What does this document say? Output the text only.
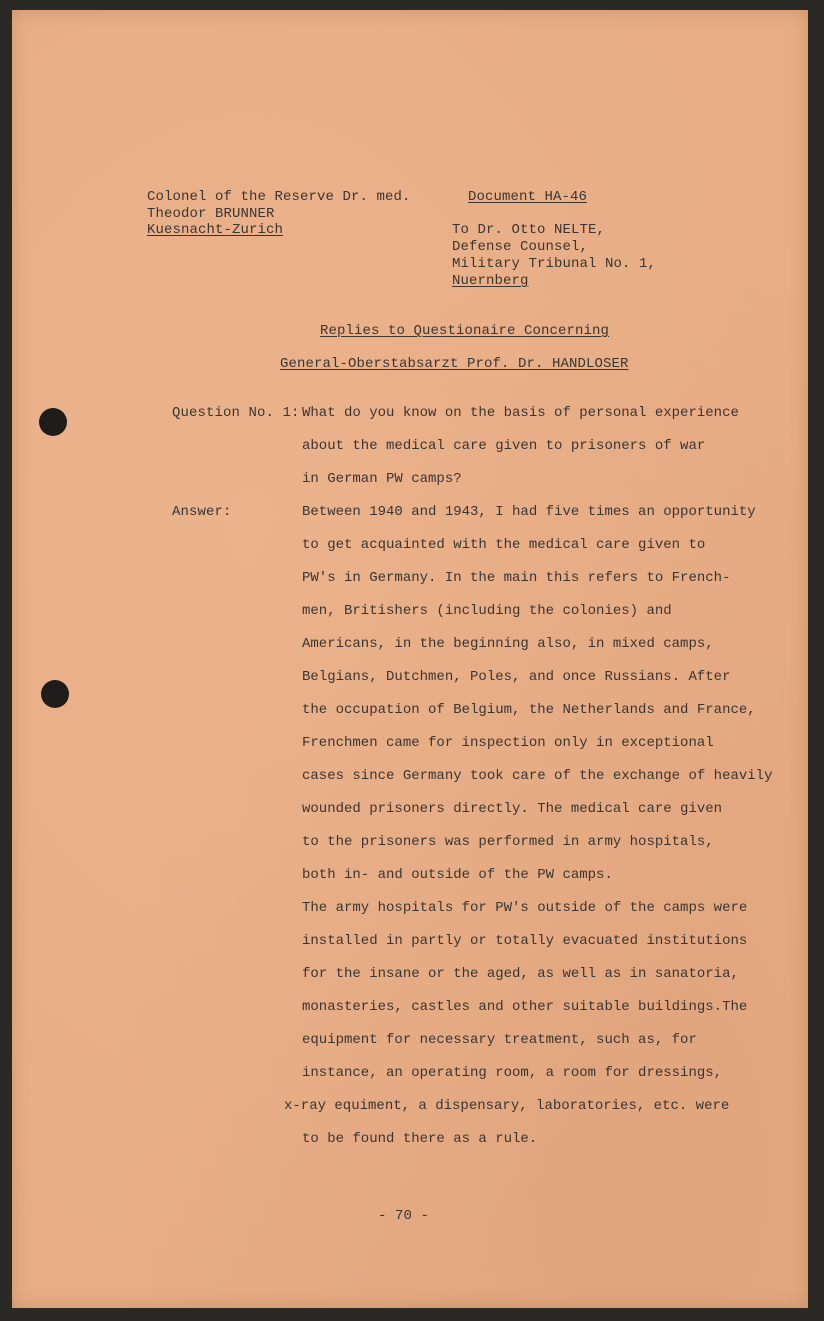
Colonel of the Reserve Dr. med.
Theodor BRUNNER
Kuesnacht-Zurich
Document HA-46
To Dr. Otto NELTE,
Defense Counsel,
Military Tribunal No. 1,
Nuernberg
Replies to Questionaire Concerning
General-Oberstabsarzt Prof. Dr. HANDLOSER
Question No. 1: What do you know on the basis of personal experience
about the medical care given to prisoners of war
in German PW camps?
Answer:	Between 1940 and 1943, I had five times an opportunity
to get acquainted with the medical care given to
PW's in Germany. In the main this refers to French-
men, Britishers (including the colonies) and
Americans, in the beginning also, in mixed camps,
Belgians, Dutchmen, Poles, and once Russians. After
the occupation of Belgium, the Netherlands and France,
Frenchmen came for inspection only in exceptional
cases since Germany took care of the exchange of heavily
wounded prisoners directly. The medical care given
to the prisoners was performed in army hospitals,
both in- and outside of the PW camps.
The army hospitals for PW's outside of the camps were
installed in partly or totally evacuated institutions
for the insane or the aged, as well as in sanatoria,
monasteries, castles and other suitable buildings.The
equipment for necessary treatment, such as, for
instance, an operating room, a room for dressings,
x-ray equiment, a dispensary, laboratories, etc. were
to be found there as a rule.
- 70 -
